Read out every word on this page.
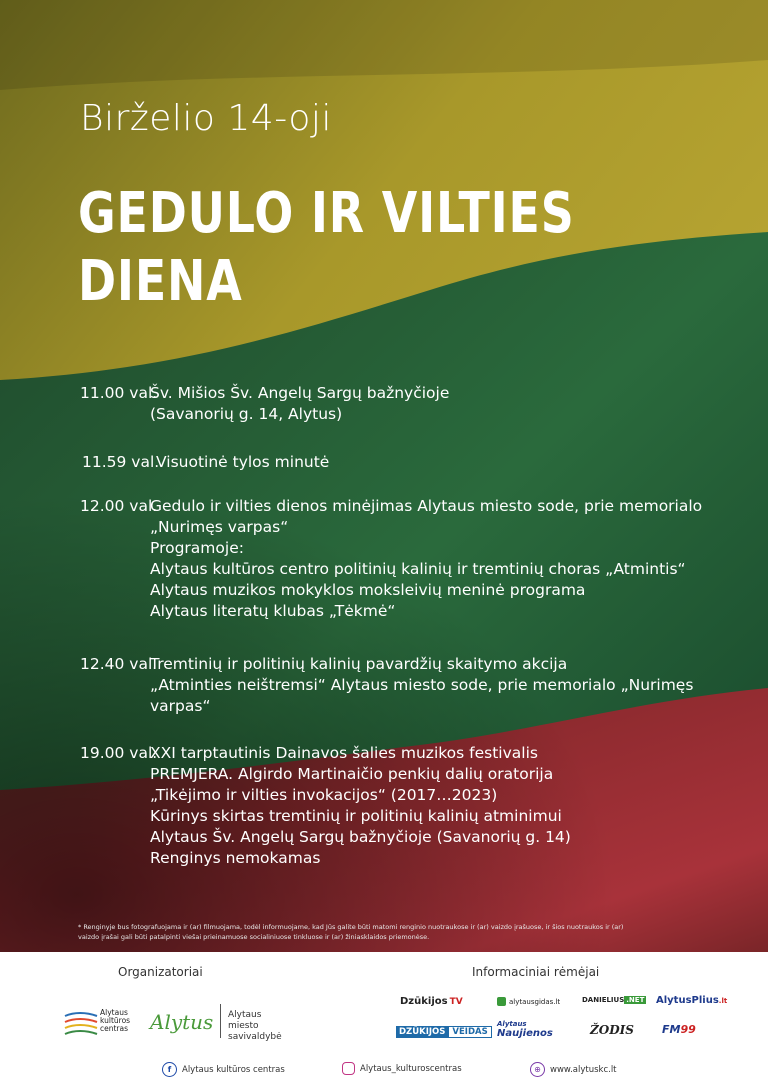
Birželio 14-oji
GEDULO IR VILTIES
DIENA
11.00 val.
Šv. Mišios Šv. Angelų Sargų bažnyčioje
(Savanorių g. 14, Alytus)
11.59 val.
Visuotinė tylos minutė
12.00 val.
Gedulo ir vilties dienos minėjimas Alytaus miesto sode, prie memorialo
„Nurimęs varpas“
Programoje:
Alytaus kultūros centro politinių kalinių ir tremtinių choras „Atmintis“
Alytaus muzikos mokyklos moksleivių meninė programa
Alytaus literatų klubas „Tėkmė“
12.40 val.
Tremtinių ir politinių kalinių pavardžių skaitymo akcija
„Atminties neištremsi“ Alytaus miesto sode, prie memorialo „Nurimęs
varpas“
19.00 val.
XXI tarptautinis Dainavos šalies muzikos festivalis
PREMJERA. Algirdo Martinaičio penkių dalių oratorija
„Tikėjimo ir vilties invokacijos“ (2017…2023)
Kūrinys skirtas tremtinių ir politinių kalinių atminimui
Alytaus Šv. Angelų Sargų bažnyčioje (Savanorių g. 14)
Renginys nemokamas
* Renginyje bus fotografuojama ir (ar) filmuojama, todėl informuojame, kad Jūs galite būti matomi renginio nuotraukose ir (ar) vaizdo įrašuose, ir šios nuotraukos ir (ar)
vaizdo įrašai gali būti patalpinti viešai prieinamuose socialiniuose tinkluose ir (ar) žiniasklaidos priemonėse.
Organizatoriai	Informaciniai rėmėjai
Alytaus
kultūros
centras Alytus Alytaus miesto
savivaldybė
Dzūkijos TV	alytausgidas.lt	DANIELIUS .NET AlytusPlius.lt
DZŪKIJOS VEIDAS
Alytaus
Naujienos	ŽODIS	FM99
f	Alytaus kultūros centras	Alytaus_kulturoscentras	⊕	www.alytuskc.lt
